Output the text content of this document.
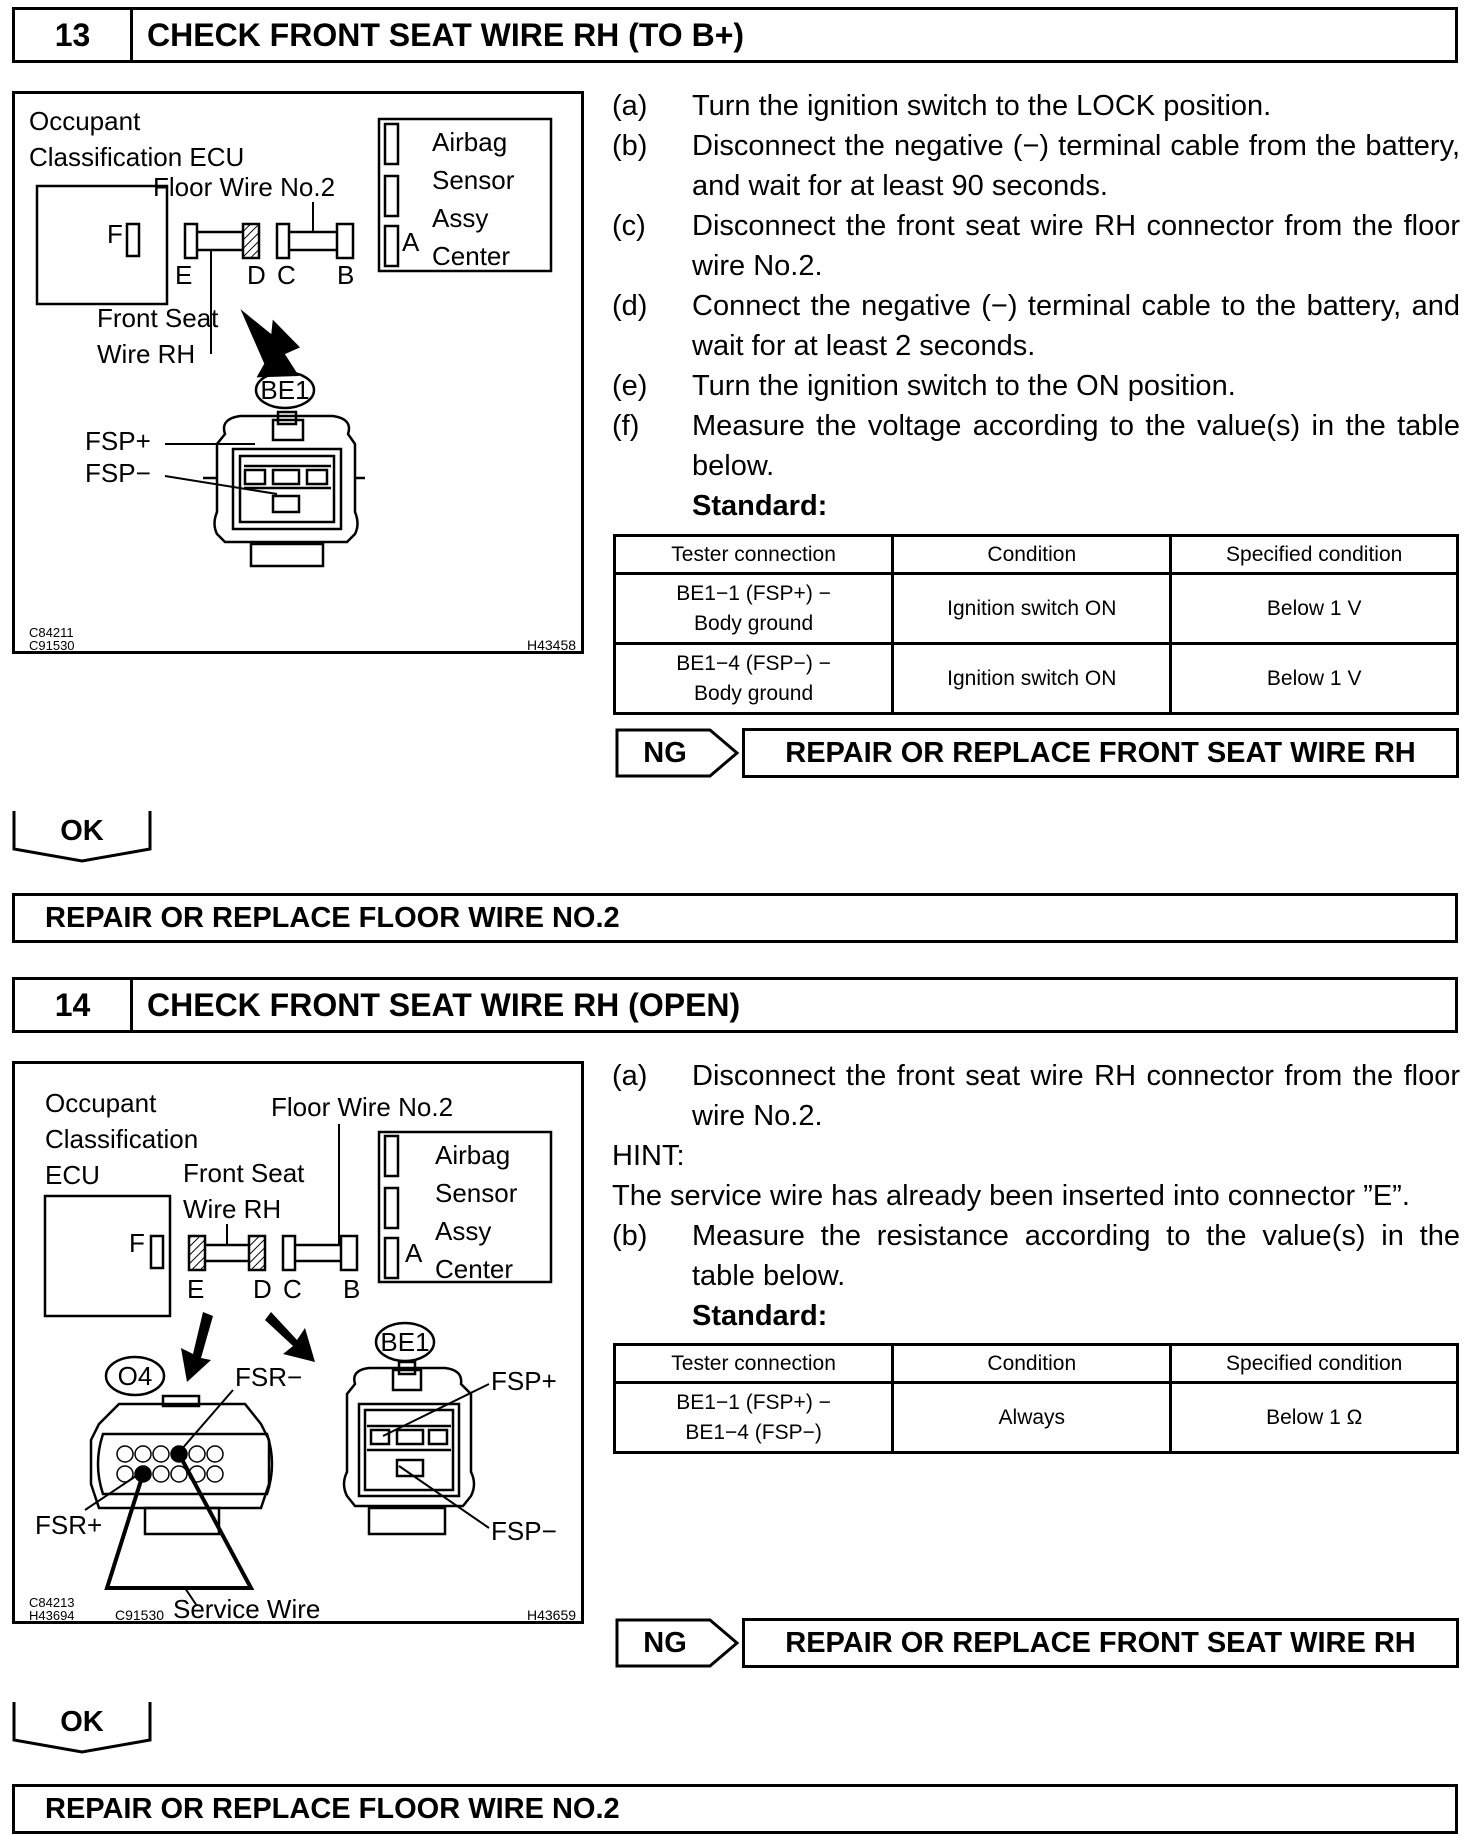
13	CHECK FRONT SEAT WIRE RH (TO B+)
Occupant
Classification ECU
F
Floor Wire No.2
Airbag
Sensor
Assy
Center
A
E D C B
Front Seat
Wire RH
BE1
FSP+
FSP−
C84211
C91530	H43458
(a)	Turn the ignition switch to the LOCK position.
(b)	Disconnect the negative (−) terminal cable from the battery, and wait for at least 90 seconds.
(c)	Disconnect the front seat wire RH connector from the floor wire No.2.
(d)	Connect the negative (−) terminal cable to the battery, and wait for at least 2 seconds.
(e)	Turn the ignition switch to the ON position.
(f)	Measure the voltage according to the value(s) in the table below.
Standard:
Tester connection	Condition	Specified condition

BE1−1 (FSP+) −
Body ground	Ignition switch ON	Below 1 V

BE1−4 (FSP−) −
Body ground	Ignition switch ON	Below 1 V
NG	REPAIR OR REPLACE FRONT SEAT WIRE RH
OK
REPAIR OR REPLACE FLOOR WIRE NO.2
14	CHECK FRONT SEAT WIRE RH (OPEN)
Occupant
Classification
ECU
Floor Wire No.2
Front Seat
Wire RH
F
Airbag
Sensor
Assy
Center
A
E D C B
O4
BE1
FSR−
FSR+
Service Wire
FSP+
FSP−
C84213
H43694	C91530	H43659
(a)	Disconnect the front seat wire RH connector from the floor wire No.2.
HINT:
The service wire has already been inserted into connector ”E”.
(b)	Measure the resistance according to the value(s) in the table below.
Standard:
Tester connection	Condition	Specified condition

BE1−1 (FSP+) −
BE1−4 (FSP−)	Always	Below 1 Ω
NG	REPAIR OR REPLACE FRONT SEAT WIRE RH
OK
REPAIR OR REPLACE FLOOR WIRE NO.2
